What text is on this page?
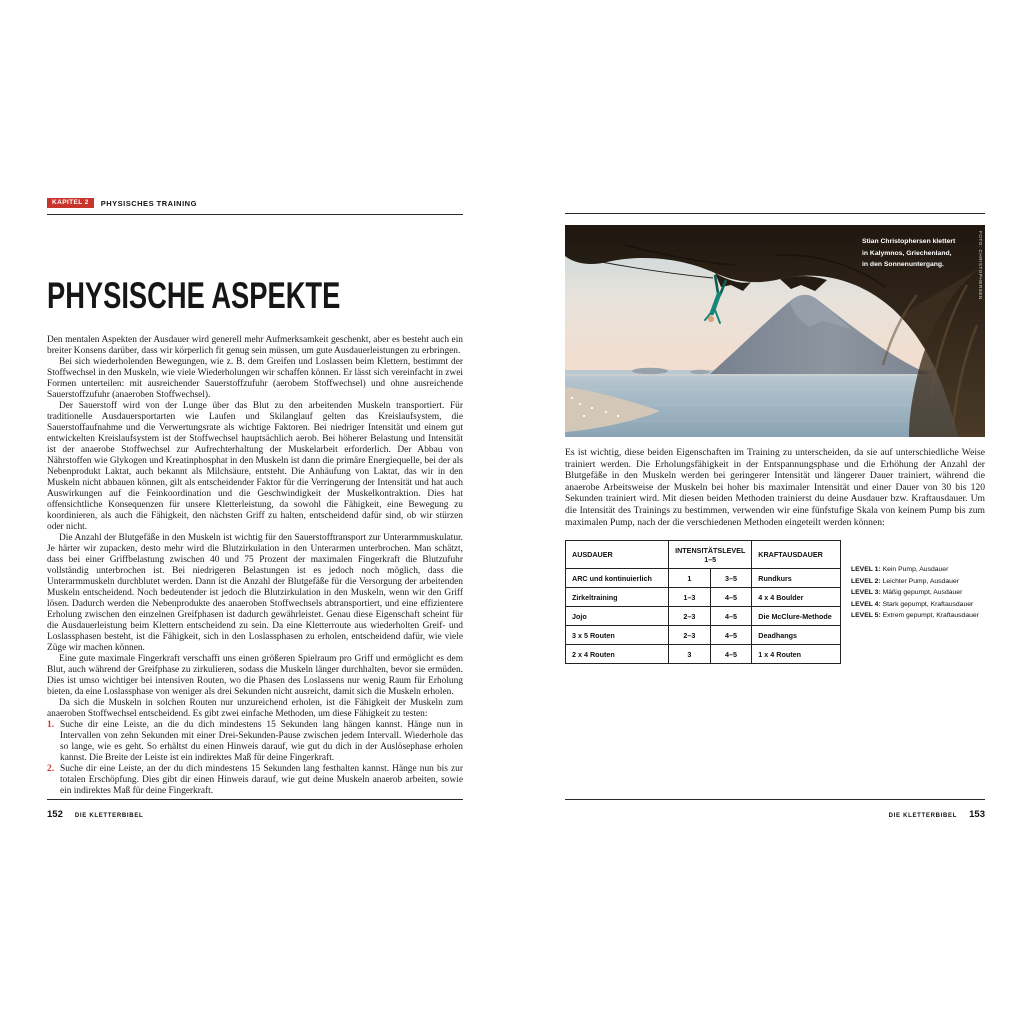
KAPITEL 2	PHYSISCHES TRAINING
PHYSISCHE ASPEKTE

Den mentalen Aspekten der Ausdauer wird generell mehr Aufmerksamkeit geschenkt, aber es besteht auch ein breiter Konsens darüber, dass wir körperlich fit genug sein müssen, um gute Ausdauerleistungen zu erbringen.

Bei sich wiederholenden Bewegungen, wie z. B. dem Greifen und Loslassen beim Klettern, bestimmt der Stoffwechsel in den Muskeln, wie viele Wiederholungen wir schaffen können. Er lässt sich vereinfacht in zwei Formen unterteilen: mit ausreichender Sauerstoffzufuhr (aerobem Stoffwechsel) und ohne ausreichende Sauerstoffzufuhr (anaeroben Stoffwechsel).

Der Sauerstoff wird von der Lunge über das Blut zu den arbeitenden Muskeln transportiert. Für traditionelle Ausdauersportarten wie Laufen und Skilanglauf gelten das Kreislaufsystem, die Sauerstoffaufnahme und die Verwertungsrate als wichtige Faktoren. Bei niedriger Intensität und einem gut entwickelten Kreislaufsystem ist der Stoffwechsel hauptsächlich aerob. Bei höherer Belastung und Intensität ist der anaerobe Stoffwechsel zur Aufrechterhaltung der Muskelarbeit erforderlich. Der Abbau von Nährstoffen wie Glykogen und Kreatinphosphat in den Muskeln ist dann die primäre Energiequelle, bei der als Nebenprodukt Laktat, auch bekannt als Milchsäure, entsteht. Die Anhäufung von Laktat, das wir in den Muskeln nicht abbauen können, gilt als entscheidender Faktor für die Verringerung der Intensität und hat auch Auswirkungen auf die Feinkoordination und die Geschwindigkeit der Muskelkontraktion. Dies hat offensichtliche Konsequenzen für unsere Kletterleistung, da sowohl die Fähigkeit, eine Bewegung zu koordinieren, als auch die Fähigkeit, den nächsten Griff zu halten, entscheidend dafür sind, ob wir stürzen oder nicht.

Die Anzahl der Blutgefäße in den Muskeln ist wichtig für den Sauerstofftransport zur Unterarmmuskulatur. Je härter wir zupacken, desto mehr wird die Blutzirkulation in den Unterarmen unterbrochen. Man schätzt, dass bei einer Griffbelastung zwischen 40 und 75 Prozent der maximalen Fingerkraft die Blutzufuhr vollständig unterbrochen ist. Bei niedrigeren Belastungen ist es jedoch noch möglich, dass die Unterarmmuskeln durchblutet werden. Dann ist die Anzahl der Blutgefäße für die Versorgung der arbeitenden Muskeln entscheidend. Noch bedeutender ist jedoch die Blutzirkulation in den Muskeln, wenn wir den Griff lösen. Dadurch werden die Nebenprodukte des anaeroben Stoffwechsels abtransportiert, und eine effizientere Erholung zwischen den einzelnen Greifphasen ist dadurch gewährleistet. Genau diese Eigenschaft scheint für die Ausdauerleistung beim Klettern entscheidend zu sein. Da eine Kletterroute aus wiederholten Greif- und Loslassphasen besteht, ist die Fähigkeit, sich in den Loslassphasen zu erholen, entscheidend dafür, wie viele Züge wir machen können.

Eine gute maximale Fingerkraft verschafft uns einen größeren Spielraum pro Griff und ermöglicht es dem Blut, auch während der Greifphase zu zirkulieren, sodass die Muskeln länger durchhalten, bevor sie ermüden. Dies ist umso wichtiger bei intensiven Routen, wo die Phasen des Loslassens nur wenig Raum für Erholung bieten, da eine Loslassphase von weniger als drei Sekunden nicht ausreicht, damit sich die Muskeln erholen.

Da sich die Muskeln in solchen Routen nur unzureichend erholen, ist die Fähigkeit der Muskeln zum anaeroben Stoffwechsel entscheidend. Es gibt zwei einfache Methoden, um diese Fähigkeit zu testen:

1. Suche dir eine Leiste, an die du dich mindestens 15 Sekunden lang hängen kannst. Hänge nun in Intervallen von zehn Sekunden mit einer Drei-Sekunden-Pause zwischen jedem Intervall. Wiederhole das so lange, wie es geht. So erhältst du einen Hinweis darauf, wie gut du dich in der Auslösephase erholen kannst. Die Breite der Leiste ist ein indirektes Maß für deine Fingerkraft.
2. Suche dir eine Leiste, an der du dich mindestens 15 Sekunden lang festhalten kannst. Hänge nun bis zur totalen Erschöpfung. Dies gibt dir einen Hinweis darauf, wie gut deine Muskeln anaerob arbeiten, sowie ein indirektes Maß für deine Fingerkraft.
152 DIE KLETTERBIBEL
Stian Christophersen klettert
in Kalymnos, Griechenland,
in den Sonnenuntergang.	FOTO: CHRISTOPHERSEN

Es ist wichtig, diese beiden Eigenschaften im Training zu unterscheiden, da sie auf unterschiedliche Weise trainiert werden. Die Erholungsfähigkeit in der Entspannungsphase und die Erhöhung der Anzahl der Blutgefäße in den Muskeln werden bei geringerer Intensität und längerer Dauer trainiert, während die anaerobe Arbeitsweise der Muskeln bei hoher bis maximaler Intensität und einer Dauer von 30 bis 120 Sekunden trainiert wird. Mit diesen beiden Methoden trainierst du deine Ausdauer bzw. Kraftausdauer. Um die Intensität des Trainings zu bestimmen, verwenden wir eine fünfstufige Skala von keinem Pump bis zum maximalen Pump, nach der die verschiedenen Methoden eingeteilt werden können:

AUSDAUER	INTENSITÄTSLEVEL 1–5		KRAFTAUSDAUER
ARC und kontinuierlich	1	3–5	Rundkurs
Zirkeltraining	1–3	4–5	4 x 4 Boulder
Jojo	2–3	4–5	Die McClure-Methode
3 x 5 Routen	2–3	4–5	Deadhangs
2 x 4 Routen	3	4–5	1 x 4 Routen
LEVEL 1: Kein Pump, Ausdauer
LEVEL 2: Leichter Pump, Ausdauer
LEVEL 3: Mäßig gepumpt, Ausdauer
LEVEL 4: Stark gepumpt, Kraftausdauer
LEVEL 5: Extrem gepumpt, Kraftausdauer
DIE KLETTERBIBEL 153
